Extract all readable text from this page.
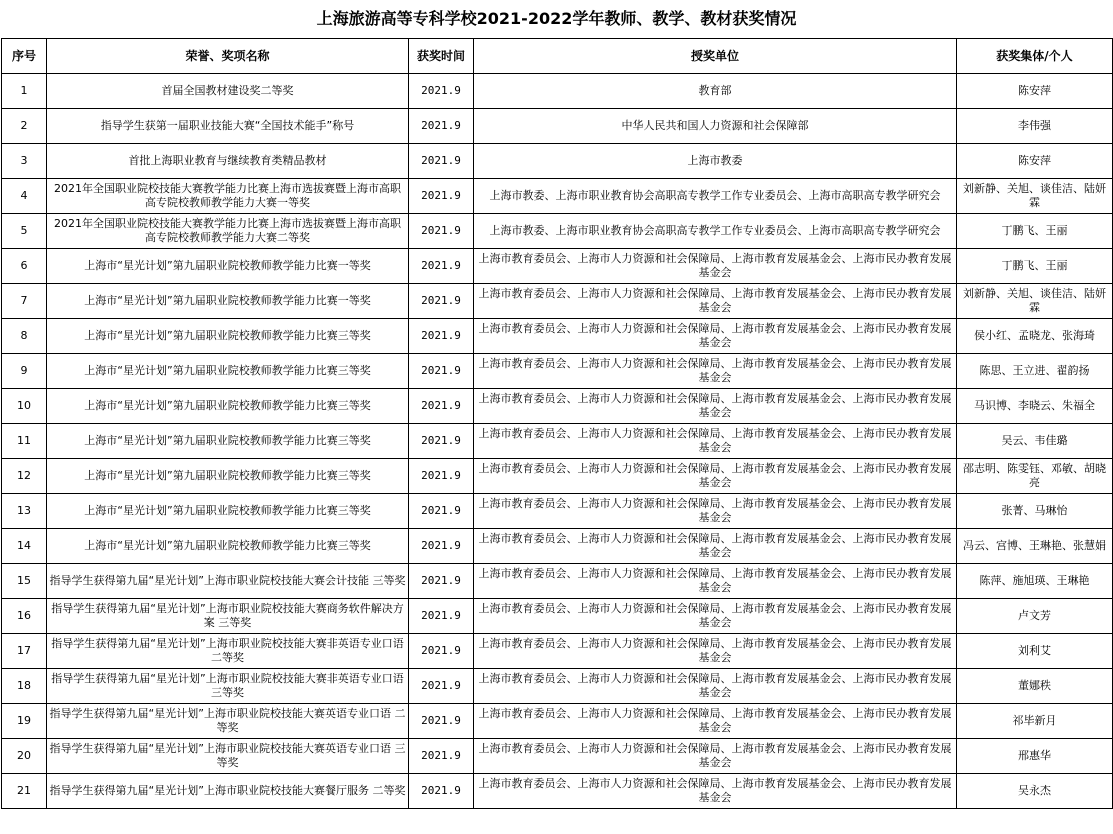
上海旅游高等专科学校2021-2022学年教师、教学、教材获奖情况
序号	荣誉、奖项名称	获奖时间	授奖单位	获奖集体/个人
1	首届全国教材建设奖二等奖	2021.9	教育部	陈安萍
2	指导学生获第一届职业技能大赛“全国技术能手”称号	2021.9	中华人民共和国人力资源和社会保障部	李伟强
3	首批上海职业教育与继续教育类精品教材	2021.9	上海市教委	陈安萍
4	2021年全国职业院校技能大赛教学能力比赛上海市选拔赛暨上海市高职高专院校教师教学能力大赛一等奖	2021.9	上海市教委、上海市职业教育协会高职高专教学工作专业委员会、上海市高职高专教学研究会	刘新静、关旭、谈佳洁、陆妍霖
5	2021年全国职业院校技能大赛教学能力比赛上海市选拔赛暨上海市高职高专院校教师教学能力大赛二等奖	2021.9	上海市教委、上海市职业教育协会高职高专教学工作专业委员会、上海市高职高专教学研究会	丁鹏飞、王丽
6	上海市“星光计划”第九届职业院校教师教学能力比赛一等奖	2021.9	上海市教育委员会、上海市人力资源和社会保障局、上海市教育发展基金会、上海市民办教育发展基金会	丁鹏飞、王丽
7	上海市“星光计划”第九届职业院校教师教学能力比赛一等奖	2021.9	上海市教育委员会、上海市人力资源和社会保障局、上海市教育发展基金会、上海市民办教育发展基金会	刘新静、关旭、谈佳洁、陆妍霖
8	上海市“星光计划”第九届职业院校教师教学能力比赛三等奖	2021.9	上海市教育委员会、上海市人力资源和社会保障局、上海市教育发展基金会、上海市民办教育发展基金会	侯小红、孟晓龙、张海琦
9	上海市“星光计划”第九届职业院校教师教学能力比赛三等奖	2021.9	上海市教育委员会、上海市人力资源和社会保障局、上海市教育发展基金会、上海市民办教育发展基金会	陈思、王立进、翟韵扬
10	上海市“星光计划”第九届职业院校教师教学能力比赛三等奖	2021.9	上海市教育委员会、上海市人力资源和社会保障局、上海市教育发展基金会、上海市民办教育发展基金会	马识博、李晓云、朱福全
11	上海市“星光计划”第九届职业院校教师教学能力比赛三等奖	2021.9	上海市教育委员会、上海市人力资源和社会保障局、上海市教育发展基金会、上海市民办教育发展基金会	吴云、韦佳璐
12	上海市“星光计划”第九届职业院校教师教学能力比赛三等奖	2021.9	上海市教育委员会、上海市人力资源和社会保障局、上海市教育发展基金会、上海市民办教育发展基金会	邵志明、陈雯钰、邓敏、胡晓亮
13	上海市“星光计划”第九届职业院校教师教学能力比赛三等奖	2021.9	上海市教育委员会、上海市人力资源和社会保障局、上海市教育发展基金会、上海市民办教育发展基金会	张菁、马琳怡
14	上海市“星光计划”第九届职业院校教师教学能力比赛三等奖	2021.9	上海市教育委员会、上海市人力资源和社会保障局、上海市教育发展基金会、上海市民办教育发展基金会	冯云、宫博、王琳艳、张慧娟
15	指导学生获得第九届“星光计划”上海市职业院校技能大赛会计技能 三等奖	2021.9	上海市教育委员会、上海市人力资源和社会保障局、上海市教育发展基金会、上海市民办教育发展基金会	陈萍、施旭瑛、王琳艳
16	指导学生获得第九届“星光计划”上海市职业院校技能大赛商务软件解决方案 三等奖	2021.9	上海市教育委员会、上海市人力资源和社会保障局、上海市教育发展基金会、上海市民办教育发展基金会	卢文芳
17	指导学生获得第九届“星光计划”上海市职业院校技能大赛非英语专业口语 二等奖	2021.9	上海市教育委员会、上海市人力资源和社会保障局、上海市教育发展基金会、上海市民办教育发展基金会	刘利艾
18	指导学生获得第九届“星光计划”上海市职业院校技能大赛非英语专业口语 三等奖	2021.9	上海市教育委员会、上海市人力资源和社会保障局、上海市教育发展基金会、上海市民办教育发展基金会	董娜秩
19	指导学生获得第九届“星光计划”上海市职业院校技能大赛英语专业口语 二等奖	2021.9	上海市教育委员会、上海市人力资源和社会保障局、上海市教育发展基金会、上海市民办教育发展基金会	祁毕新月
20	指导学生获得第九届“星光计划”上海市职业院校技能大赛英语专业口语 三等奖	2021.9	上海市教育委员会、上海市人力资源和社会保障局、上海市教育发展基金会、上海市民办教育发展基金会	邢惠华
21	指导学生获得第九届“星光计划”上海市职业院校技能大赛餐厅服务 二等奖	2021.9	上海市教育委员会、上海市人力资源和社会保障局、上海市教育发展基金会、上海市民办教育发展基金会	吴永杰
